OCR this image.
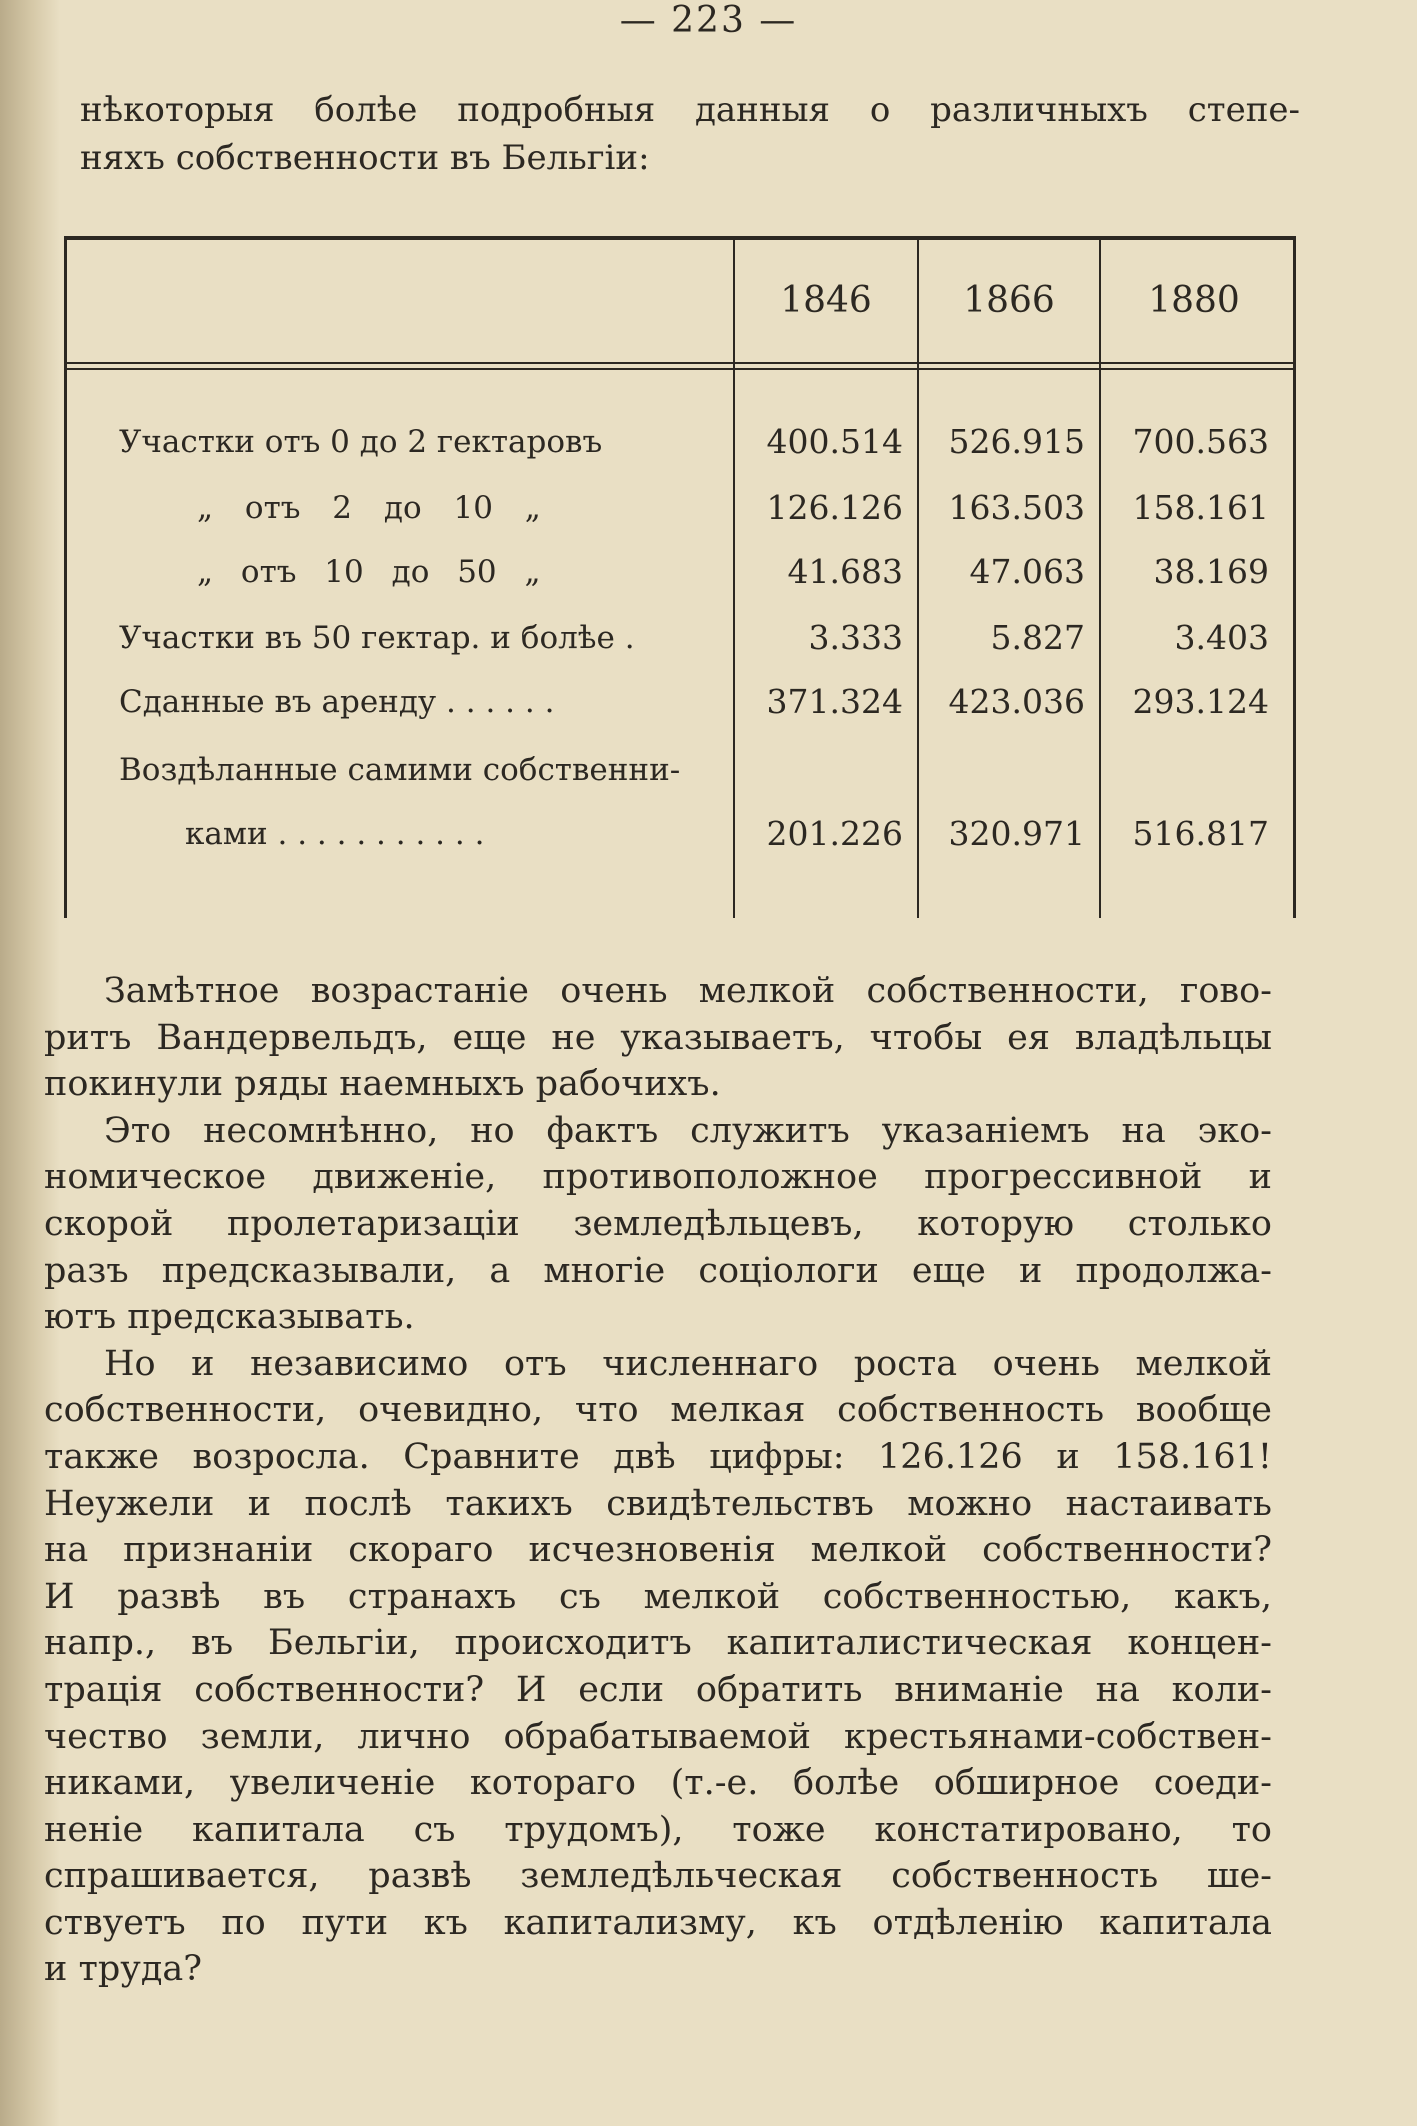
— 223 —
нѣкоторыя болѣе подробныя данныя о различныхъ степе-
няхъ собственности въ Бельгіи:
1846	1866	1880
Участки отъ 0 до 2 гектаровъ	400.514	526.915	700.563
„ отъ 2 до 10 „	126.126	163.503	158.161
„ отъ 10 до 50 „	41.683	47.063	38.169
Участки въ 50 гектар. и болѣе .	3.333	5.827	3.403
Сданные въ аренду . . . . . .	371.324	423.036	293.124
Воздѣланные самими собственни-
ками . . . . . . . . . . .	201.226	320.971	516.817

Замѣтное возрастаніе очень мелкой собственности, гово-
ритъ Вандервельдъ, еще не указываетъ, чтобы ея владѣльцы
покинули ряды наемныхъ рабочихъ.

Это несомнѣнно, но фактъ служитъ указаніемъ на эко-
номическое движеніе, противоположное прогрессивной и
скорой пролетаризаціи земледѣльцевъ, которую столько
разъ предсказывали, а многіе соціологи еще и продолжа-
ютъ предсказывать.

Но и независимо отъ численнаго роста очень мелкой
собственности, очевидно, что мелкая собственность вообще
также возросла. Сравните двѣ цифры: 126.126 и 158.161!
Неужели и послѣ такихъ свидѣтельствъ можно настаивать
на признаніи скораго исчезновенія мелкой собственности?
И развѣ въ странахъ съ мелкой собственностью, какъ,
напр., въ Бельгіи, происходитъ капиталистическая концен-
трація собственности? И если обратить вниманіе на коли-
чество земли, лично обрабатываемой крестьянами-собствен-
никами, увеличеніе котораго (т.-е. болѣе обширное соеди-
неніе капитала съ трудомъ), тоже констатировано, то
спрашивается, развѣ земледѣльческая собственность ше-
ствуетъ по пути къ капитализму, къ отдѣленію капитала
и труда?
